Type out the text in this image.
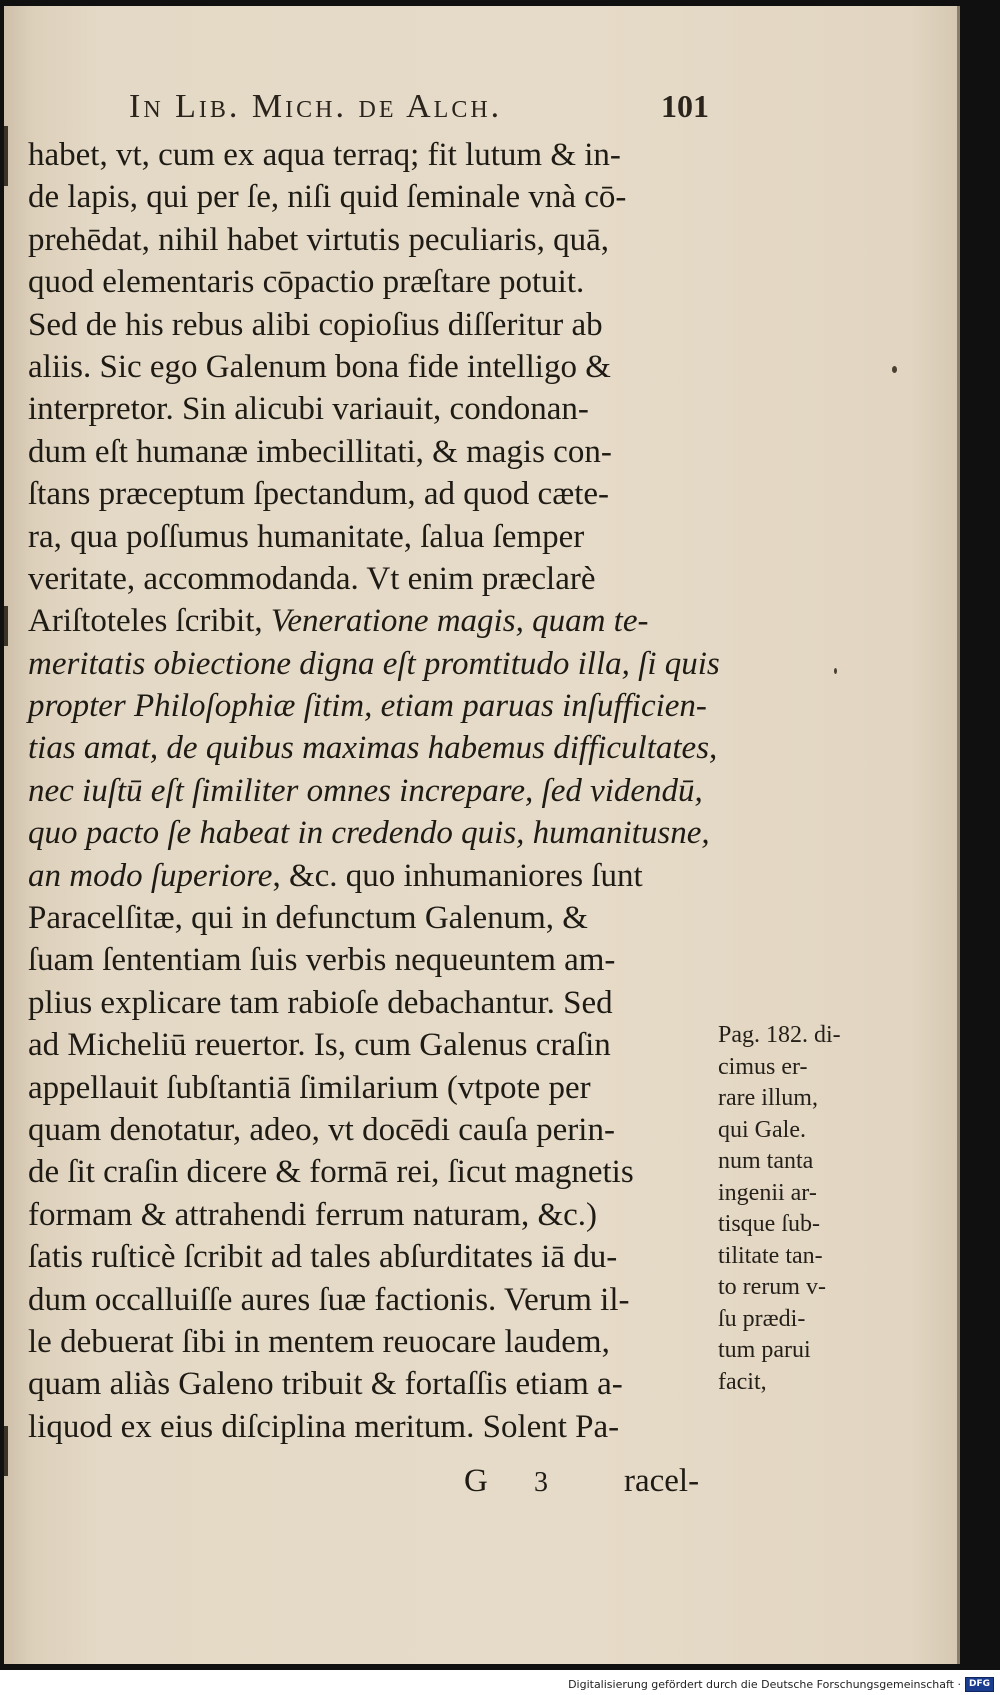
In Lib. Mich. de Alch.	101
habet, vt, cum ex aqua terraq; fit lutum & in-
de lapis, qui per ſe, niſi quid ſeminale vnà cō-
prehēdat, nihil habet virtutis peculiaris, quā,
quod elementaris cōpactio præſtare potuit.
Sed de his rebus alibi copioſius diſſeritur ab
aliis. Sic ego Galenum bona fide intelligo &
interpretor. Sin alicubi variauit, condonan-
dum eſt humanæ imbecillitati, & magis con-
ſtans præceptum ſpectandum, ad quod cæte-
ra, qua poſſumus humanitate, ſalua ſemper
veritate, accommodanda. Vt enim præclarè
Ariſtoteles ſcribit, Veneratione magis, quam te-
meritatis obiectione digna eſt promtitudo illa, ſi quis
propter Philoſophiæ ſitim, etiam paruas inſufficien-
tias amat, de quibus maximas habemus difficultates,
nec iuſtū eſt ſimiliter omnes increpare, ſed videndū,
quo pacto ſe habeat in credendo quis, humanitusne,
an modo ſuperiore, &c. quo inhumaniores ſunt
Paracelſitæ, qui in defunctum Galenum, &
ſuam ſententiam ſuis verbis nequeuntem am-
plius explicare tam rabioſe debachantur. Sed
ad Micheliū reuertor. Is, cum Galenus craſin
appellauit ſubſtantiā ſimilarium (vtpote per
quam denotatur, adeo, vt docēdi cauſa perin-
de ſit craſin dicere & formā rei, ſicut magnetis
formam & attrahendi ferrum naturam, &c.)
ſatis ruſticè ſcribit ad tales abſurditates iā du-
dum occalluiſſe aures ſuæ factionis. Verum il-
le debuerat ſibi in mentem reuocare laudem,
quam aliàs Galeno tribuit & fortaſſis etiam a-
liquod ex eius diſciplina meritum. Solent Pa-
Pag. 182. di-
cimus er-
rare illum,
qui Gale.
num tanta
ingenii ar-
tisque ſub-
tilitate tan-
to rerum v-
ſu prædi-
tum parui
facit,
G 3 racel-
Digitalisierung gefördert durch die Deutsche Forschungsgemeinschaft · DFG
